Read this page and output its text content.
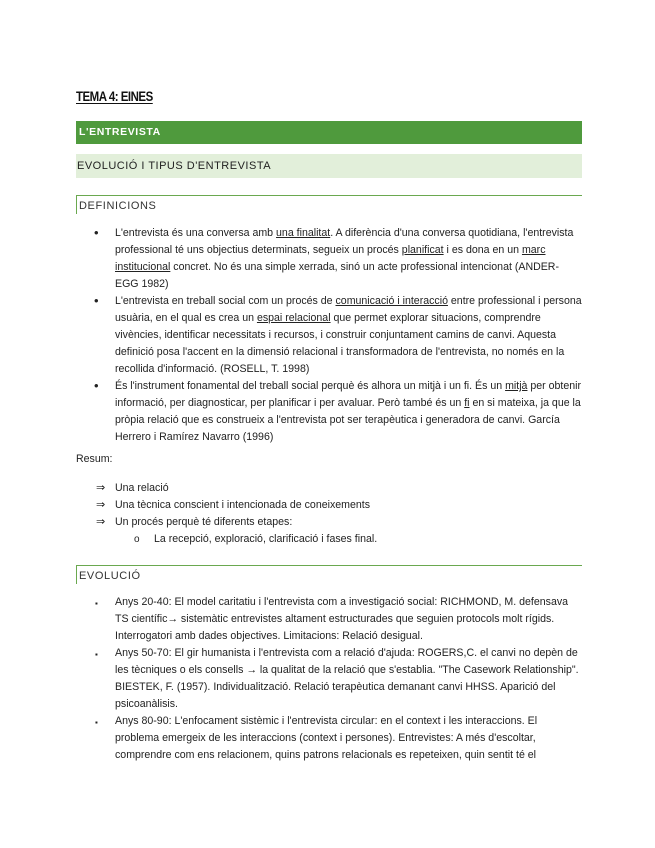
TEMA 4: EINES
L'ENTREVISTA
EVOLUCIÓ I TIPUS D'ENTREVISTA
DEFINICIONS
• L'entrevista és una conversa amb una finalitat. A diferència d'una conversa quotidiana, l'entrevista professional té uns objectius determinats, segueix un procés planificat i es dona en un marc institucional concret. No és una simple xerrada, sinó un acte professional intencionat (ANDER- EGG 1982)
• L'entrevista en treball social com un procés de comunicació i interacció entre professional i persona usuària, en el qual es crea un espai relacional que permet explorar situacions, comprendre vivències, identificar necessitats i recursos, i construir conjuntament camins de canvi. Aquesta definició posa l'accent en la dimensió relacional i transformadora de l'entrevista, no només en la recollida d'informació. (ROSELL, T. 1998)
• És l'instrument fonamental del treball social perquè és alhora un mitjà i un fi. És un mitjà per obtenir informació, per diagnosticar, per planificar i per avaluar. Però també és un fi en si mateixa, ja que la pròpia relació que es construeix a l'entrevista pot ser terapèutica i generadora de canvi. García Herrero i Ramírez Navarro (1996)
Resum:
⇒ Una relació
⇒ Una tècnica conscient i intencionada de coneixements
⇒ Un procés perquè té diferents etapes:
o La recepció, exploració, clarificació i fases final.
EVOLUCIÓ
▪ Anys 20-40: El model caritatiu i l'entrevista com a investigació social: RICHMOND, M. defensava TS científic→ sistemàtic entrevistes altament estructurades que seguien protocols molt rígids. Interrogatori amb dades objectives. Limitacions: Relació desigual.
▪ Anys 50-70: El gir humanista i l'entrevista com a relació d'ajuda: ROGERS,C. el canvi no depèn de les tècniques o els consells → la qualitat de la relació que s'establia. "The Casework Relationship". BIESTEK, F. (1957). Individualització. Relació terapèutica demanant canvi HHSS. Aparició del psicoanàlisis.
▪ Anys 80-90: L'enfocament sistèmic i l'entrevista circular: en el context i les interaccions. El problema emergeix de les interaccions (context i persones). Entrevistes: A més d'escoltar, comprendre com ens relacionem, quins patrons relacionals es repeteixen, quin sentit té el
